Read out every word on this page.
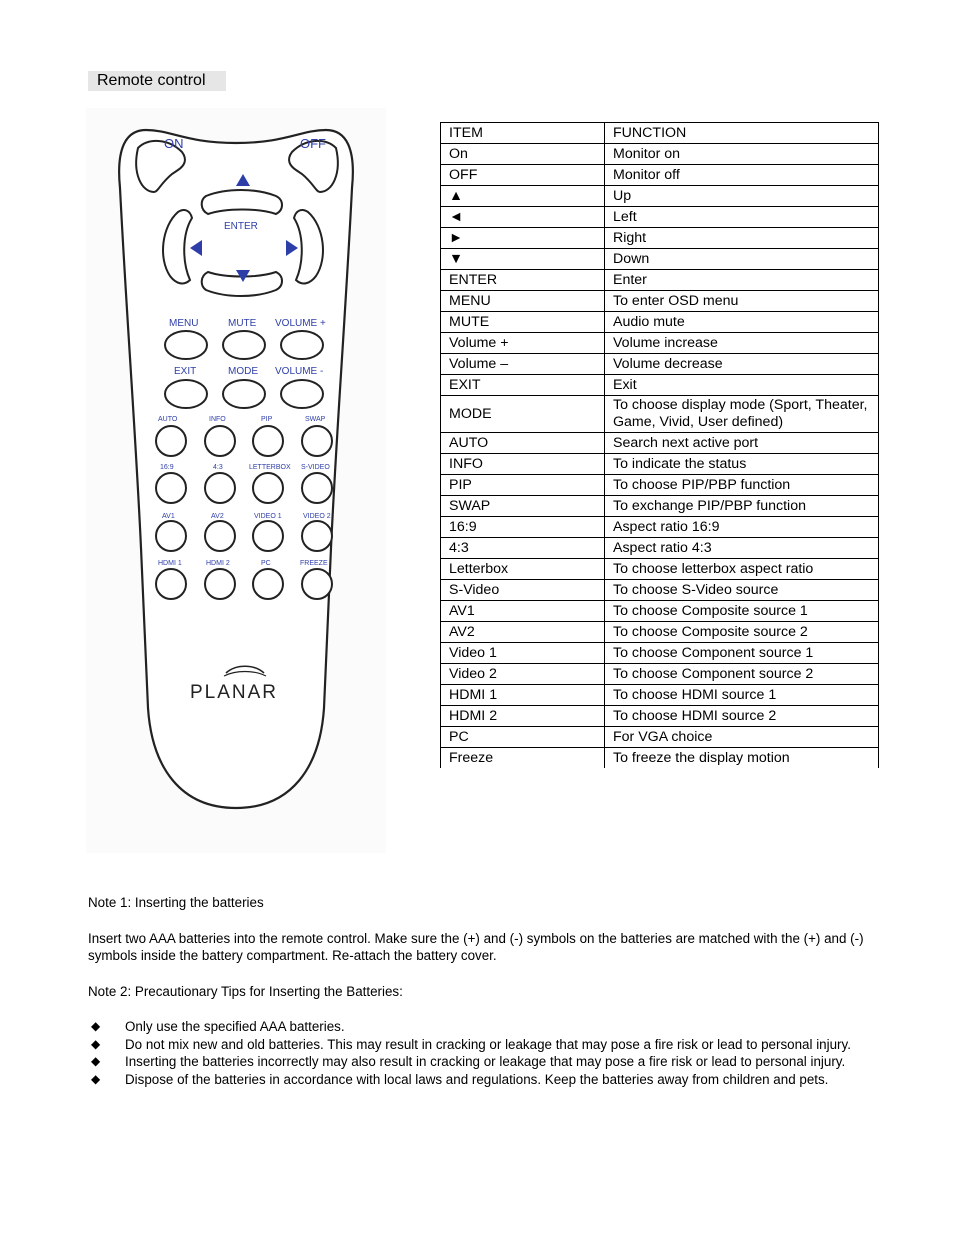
Remote control
ON	OFF
ENTER
MENU	MUTE VOLUME +
EXIT	MODE VOLUME -
AUTO	INFO	PIP	SWAP
16:9	4:3	LETTERBOX S-VIDEO
AV1	AV2	VIDEO 1	VIDEO 2
HDMI 1	HDMI 2	PC	FREEZE
PLANAR
ITEM	FUNCTION
On	Monitor on
OFF	Monitor off
▲	Up
◄	Left
►	Right
▼	Down
ENTER	Enter
MENU	To enter OSD menu
MUTE	Audio mute
Volume +	Volume increase
Volume –	Volume decrease
EXIT	Exit
MODE	To choose display mode (Sport, Theater, Game, Vivid, User defined)
AUTO	Search next active port
INFO	To indicate the status
PIP	To choose PIP/PBP function
SWAP	To exchange PIP/PBP function
16:9	Aspect ratio 16:9
4:3	Aspect ratio 4:3
Letterbox	To choose letterbox aspect ratio
S-Video	To choose S-Video source
AV1	To choose Composite source 1
AV2	To choose Composite source 2
Video 1	To choose Component source 1
Video 2	To choose Component source 2
HDMI 1	To choose HDMI source 1
HDMI 2	To choose HDMI source 2
PC	For VGA choice
Freeze	To freeze the display motion

Note 1: Inserting the batteries

Insert two AAA batteries into the remote control. Make sure the (+) and (-) symbols on the batteries are matched with the (+) and (-) symbols inside the battery compartment. Re-attach the battery cover.

Note 2: Precautionary Tips for Inserting the Batteries:

◆ Only use the specified AAA batteries.
◆ Do not mix new and old batteries. This may result in cracking or leakage that may pose a fire risk or lead to personal injury.
◆ Inserting the batteries incorrectly may also result in cracking or leakage that may pose a fire risk or lead to personal injury.
◆ Dispose of the batteries in accordance with local laws and regulations. Keep the batteries away from children and pets.
